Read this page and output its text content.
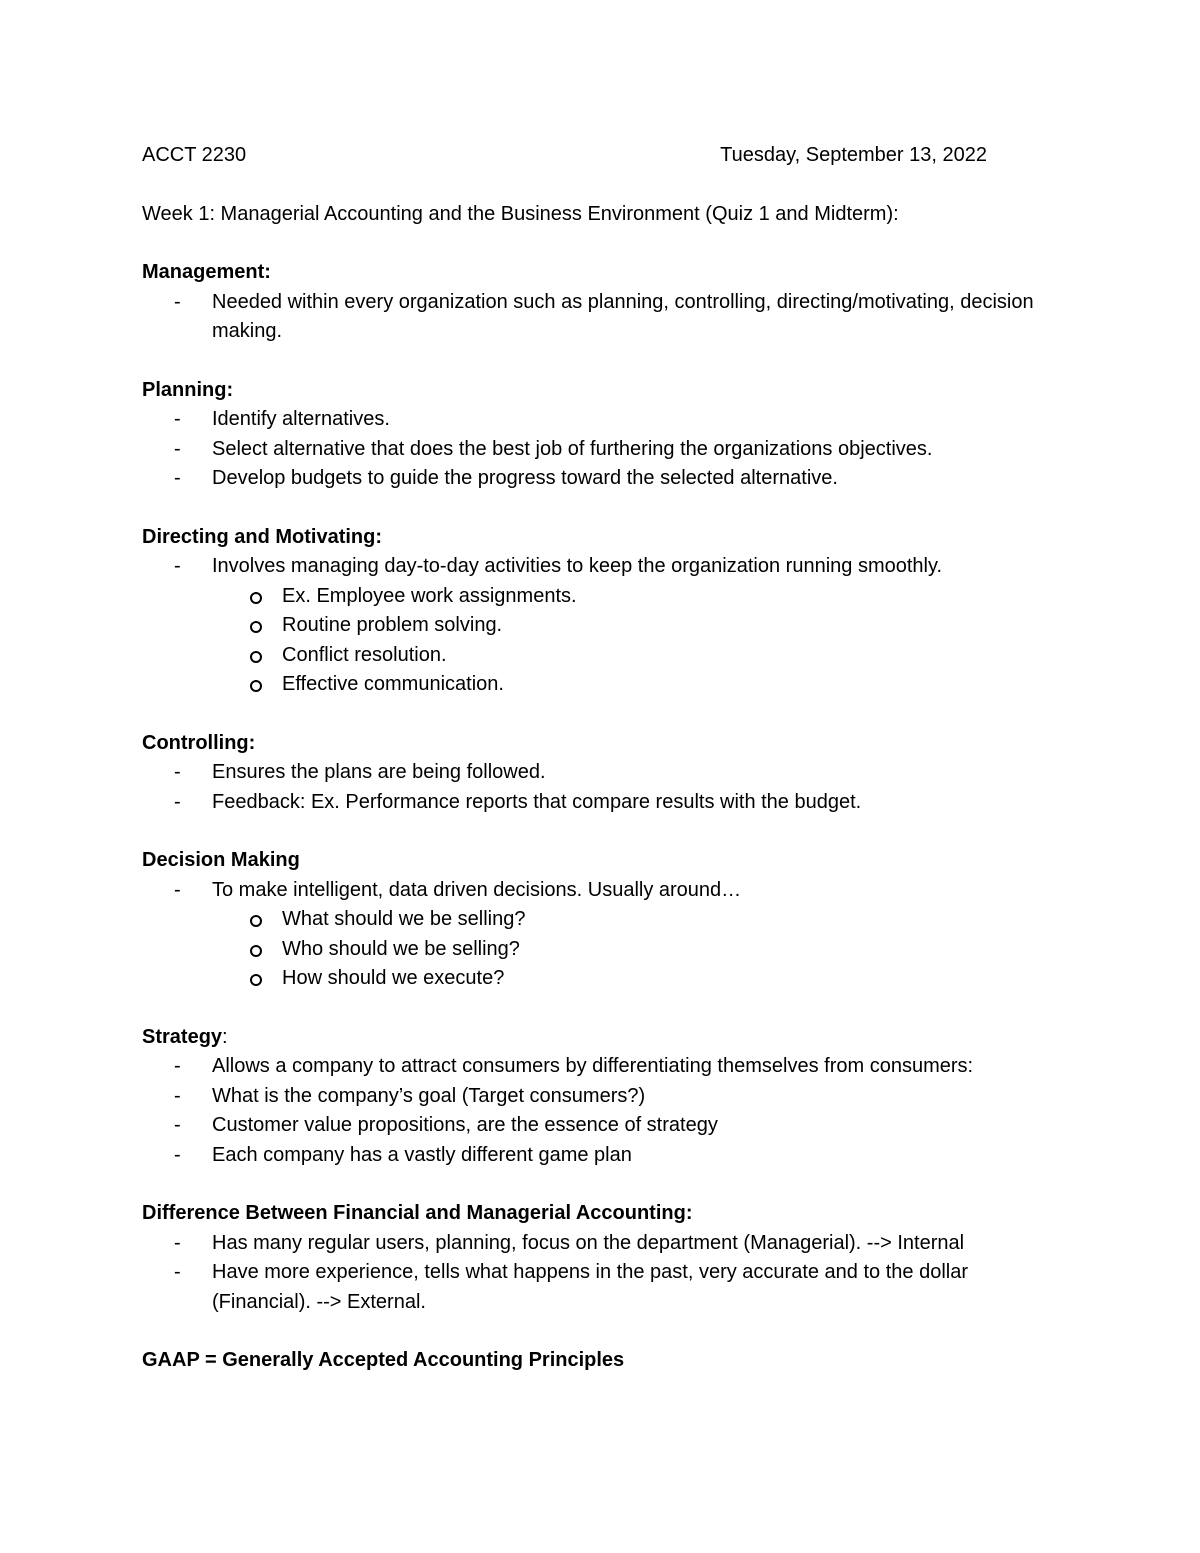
ACCT 2230	Tuesday, September 13, 2022
Week 1: Managerial Accounting and the Business Environment (Quiz 1 and Midterm):
Management:
- Needed within every organization such as planning, controlling, directing/motivating, decision making.
Planning:
- Identify alternatives.
- Select alternative that does the best job of furthering the organizations objectives.
- Develop budgets to guide the progress toward the selected alternative.
Directing and Motivating:
- Involves managing day-to-day activities to keep the organization running smoothly.
Ex. Employee work assignments.
Routine problem solving.
Conflict resolution.
Effective communication.
Controlling:
- Ensures the plans are being followed.
- Feedback: Ex. Performance reports that compare results with the budget.
Decision Making
- To make intelligent, data driven decisions. Usually around…
What should we be selling?
Who should we be selling?
How should we execute?
Strategy:
- Allows a company to attract consumers by differentiating themselves from consumers:
- What is the company’s goal (Target consumers?)
- Customer value propositions, are the essence of strategy
- Each company has a vastly different game plan
Difference Between Financial and Managerial Accounting:
- Has many regular users, planning, focus on the department (Managerial). --> Internal
- Have more experience, tells what happens in the past, very accurate and to the dollar (Financial). --> External.
GAAP = Generally Accepted Accounting Principles
